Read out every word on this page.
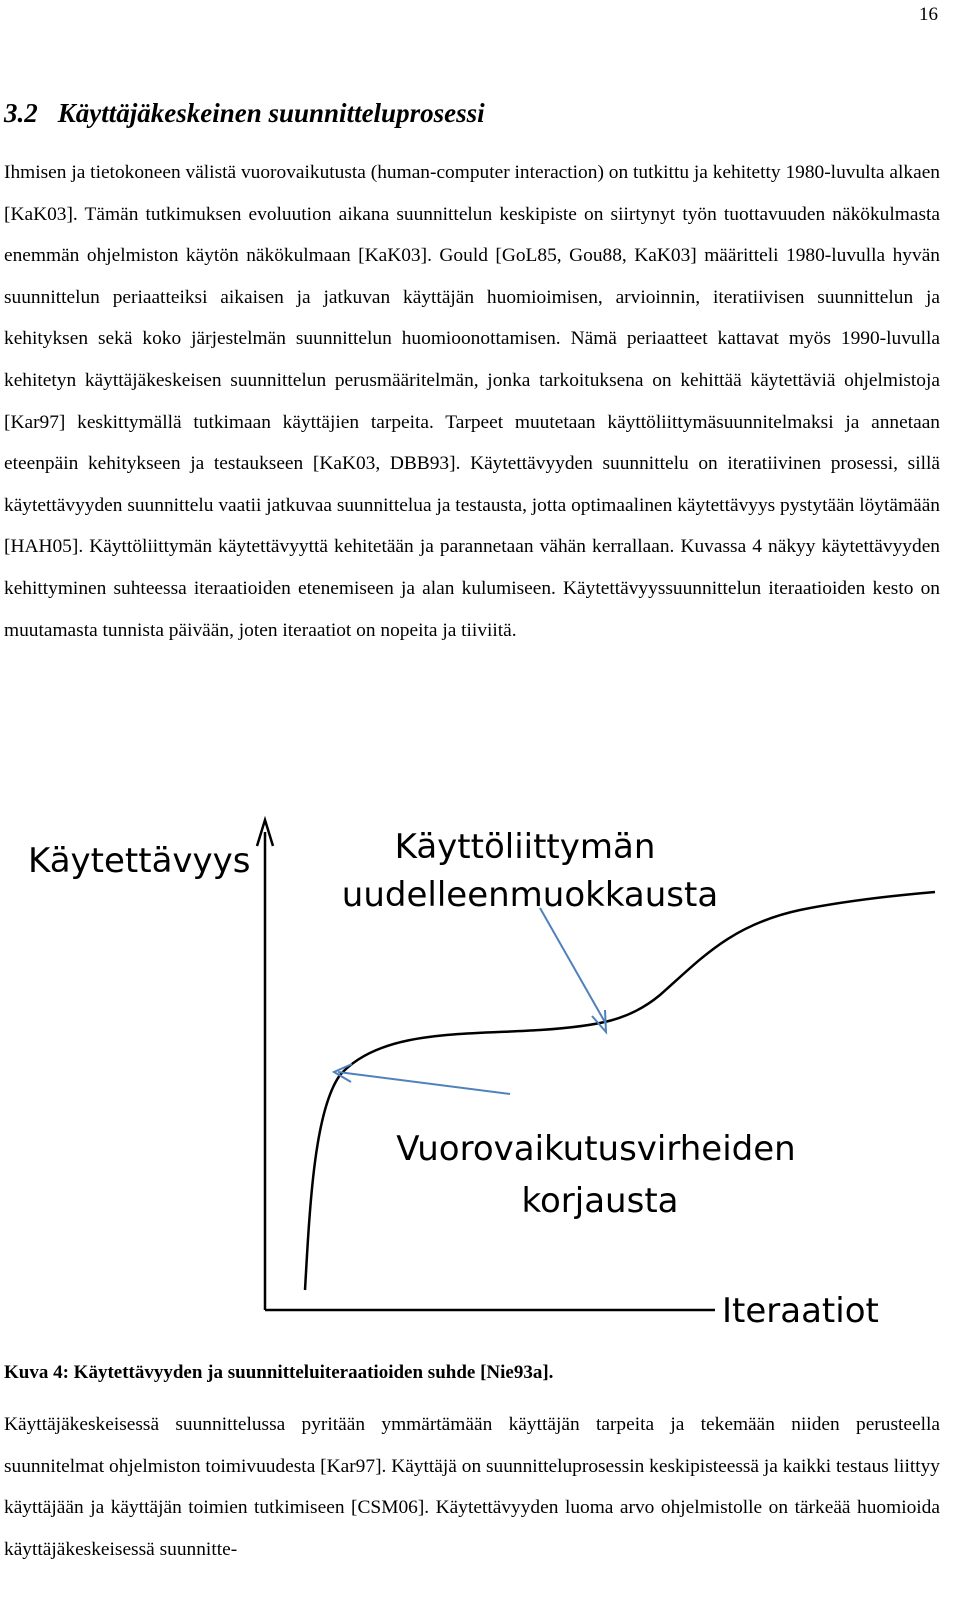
16
3.2 Käyttäjäkeskeinen suunnitteluprosessi

Ihmisen ja tietokoneen välistä vuorovaikutusta (human-computer interaction) on tutkittu ja kehitetty 1980-luvulta alkaen [KaK03]. Tämän tutkimuksen evoluution aikana suunnittelun keskipiste on siirtynyt työn tuottavuuden näkökulmasta enemmän ohjelmiston käytön näkökulmaan [KaK03]. Gould [GoL85, Gou88, KaK03] määritteli 1980-luvulla hyvän suunnittelun periaatteiksi aikaisen ja jatkuvan käyttäjän huomioimisen, arvioinnin, iteratiivisen suunnittelun ja kehityksen sekä koko järjestelmän suunnittelun huomioonottamisen. Nämä periaatteet kattavat myös 1990-luvulla kehitetyn käyttäjäkeskeisen suunnittelun perusmääritelmän, jonka tarkoituksena on kehittää käytettäviä ohjelmistoja [Kar97] keskittymällä tutkimaan käyttäjien tarpeita. Tarpeet muutetaan käyttöliittymäsuunnitelmaksi ja annetaan eteenpäin kehitykseen ja testaukseen [KaK03, DBB93]. Käytettävyyden suunnittelu on iteratiivinen prosessi, sillä käytettävyyden suunnittelu vaatii jatkuvaa suunnittelua ja testausta, jotta optimaalinen käytettävyys pystytään löytämään [HAH05]. Käyttöliittymän käytettävyyttä kehitetään ja parannetaan vähän kerrallaan. Kuvassa 4 näkyy käytettävyyden kehittyminen suhteessa iteraatioiden etenemiseen ja alan kulumiseen. Käytettävyyssuunnittelun iteraatioiden kesto on muutamasta tunnista päivään, joten iteraatiot on nopeita ja tiiviitä.

Käytettävyys	Käyttöliittymän
uudelleenmuokkausta
Vuorovaikutusvirheiden
korjausta
Iteraatiot

Kuva 4: Käytettävyyden ja suunnitteluiteraatioiden suhde [Nie93a].

Käyttäjäkeskeisessä suunnittelussa pyritään ymmärtämään käyttäjän tarpeita ja tekemään niiden perusteella suunnitelmat ohjelmiston toimivuudesta [Kar97]. Käyttäjä on suunnitteluprosessin keskipisteessä ja kaikki testaus liittyy käyttäjään ja käyttäjän toimien tutkimiseen [CSM06]. Käytettävyyden luoma arvo ohjelmistolle on tärkeää huomioida käyttäjäkeskeisessä suunnitte-
